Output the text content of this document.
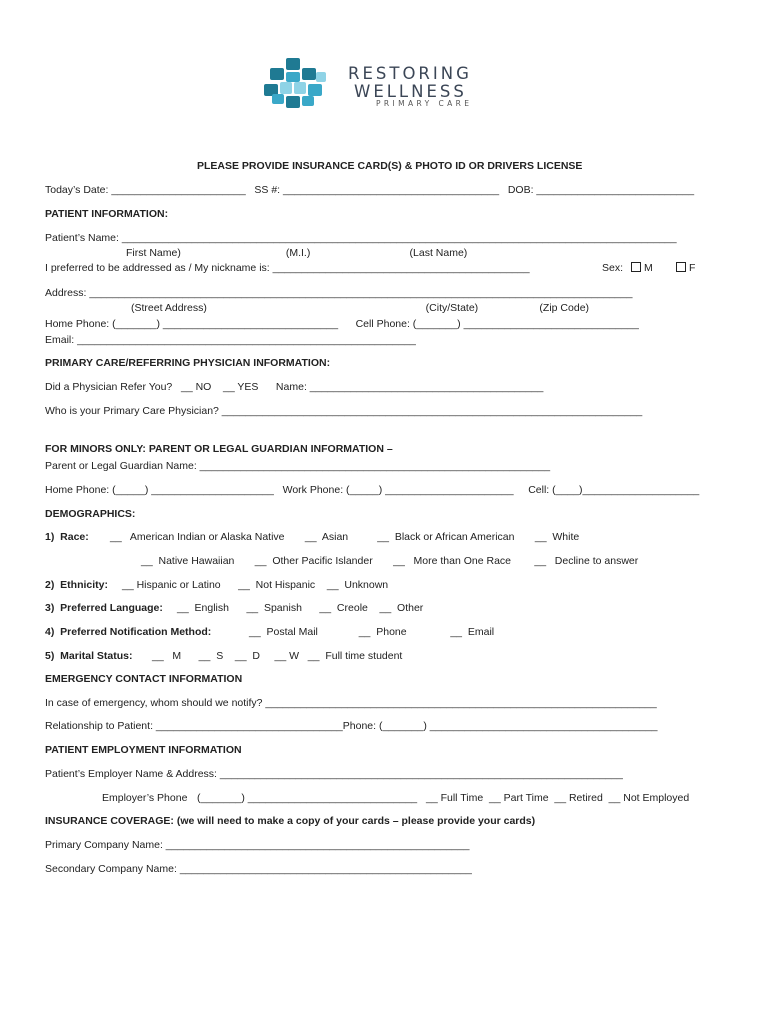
RESTORING
WELLNESS
PRIMARY CARE
PLEASE PROVIDE INSURANCE CARD(S) & PHOTO ID OR DRIVERS LICENSE
Today’s Date: _______________________   SS #: _____________________________________   DOB: ___________________________
PATIENT INFORMATION:
Patient’s Name: _______________________________________________________________________________________________
First Name)                                    (M.I.)                                  (Last Name)
I preferred to be addressed as / My nickname is: ____________________________________________	Sex:	M	F
Address: _____________________________________________________________________________________________
(Street Address)                                                                           (City/State)                     (Zip Code)
Home Phone: (_______) ______________________________      Cell Phone: (_______) ______________________________
Email: __________________________________________________________
PRIMARY CARE/REFERRING PHYSICIAN INFORMATION:
Did a Physician Refer You?   __ NO    __ YES      Name: ________________________________________
Who is your Primary Care Physician? ________________________________________________________________________
FOR MINORS ONLY: PARENT OR LEGAL GUARDIAN INFORMATION –
Parent or Legal Guardian Name: ____________________________________________________________
Home Phone: (_____) _____________________   Work Phone: (_____) ______________________     Cell: (____)____________________
DEMOGRAPHICS:
1)  Race: __   American Indian or Alaska Native       __  Asian          __  Black or African American       __  White
__  Native Hawaiian       __  Other Pacific Islander       __   More than One Race        __   Decline to answer
2)  Ethnicity: __ Hispanic or Latino      __  Not Hispanic    __  Unknown
3)  Preferred Language: __  English      __  Spanish      __  Creole    __  Other
4)  Preferred Notification Method:	__  Postal Mail              __  Phone               __  Email
5)  Marital Status: __   M      __  S    __  D     __ W   __  Full time student
EMERGENCY CONTACT INFORMATION
In case of emergency, whom should we notify? ___________________________________________________________________
Relationship to Patient: ________________________________Phone: (_______) _______________________________________
PATIENT EMPLOYMENT INFORMATION
Patient’s Employer Name & Address: _____________________________________________________________________
Employer’s Phone (_______) _____________________________ __ Full Time  __ Part Time  __ Retired  __ Not Employed
INSURANCE COVERAGE: (we will need to make a copy of your cards – please provide your cards)
Primary Company Name: ____________________________________________________
Secondary Company Name: __________________________________________________
